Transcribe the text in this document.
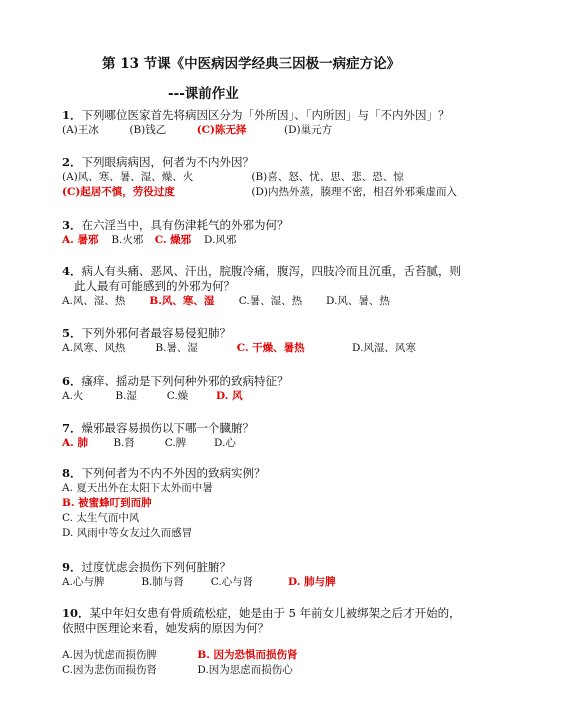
第 13 节课《中医病因学经典三因极一病症方论》
---课前作业
1．下列哪位医家首先将病因区分为「外所因」、「内所因」与「不内外因」？
(A)王冰	(B)钱乙	(C)陈无择	(D)巢元方
2．下列眼病病因，何者为不内外因？
(A)风、寒、暑、湿、燥、火	(B)喜、怒、忧、思、悲、恐、惊
(C)起居不慎，劳役过度	(D)内热外蒸，腠理不密，相召外邪乘虚而入
3．在六淫当中，具有伤津耗气的外邪为何？
A. 暑邪 B.火邪 C. 燥邪 D.风邪
4．病人有头痛、恶风、汗出，脘腹冷痛，腹泻，四肢冷而且沉重，舌苔腻，则
此人最有可能感到的外邪为何？
A.风、湿、热 B.风、寒、湿 C.暑、湿、热 D.风、暑、热
5．下列外邪何者最容易侵犯肺？
A.风寒、风热	B.暑、湿	C. 干燥、暑热	D.风湿、风寒
6．瘙痒、摇动是下列何种外邪的致病特征？
A.火	B.湿	C.燥	D. 风
7．燥邪最容易损伤以下哪一个臓腑？
A. 肺 B.肾	C.脾	D.心
8．下列何者为不内不外因的致病实例？
A. 夏天出外在太阳下太外而中暑
B. 被蜜蜂叮到而肿
C. 太生气而中风
D. 风雨中等女友过久而感冒
9．过度忧虑会损伤下列何脏腑？
A.心与脾	B.肺与肾	C.心与肾	D. 肺与脾
10．某中年妇女患有骨质疏松症，她是由于 5 年前女儿被绑架之后才开始的，
依照中医理论来看，她发病的原因为何？
A.因为忧虑而损伤脾	B. 因为恐惧而损伤肾
C.因为悲伤而损伤肾	D.因为思虑而损伤心
